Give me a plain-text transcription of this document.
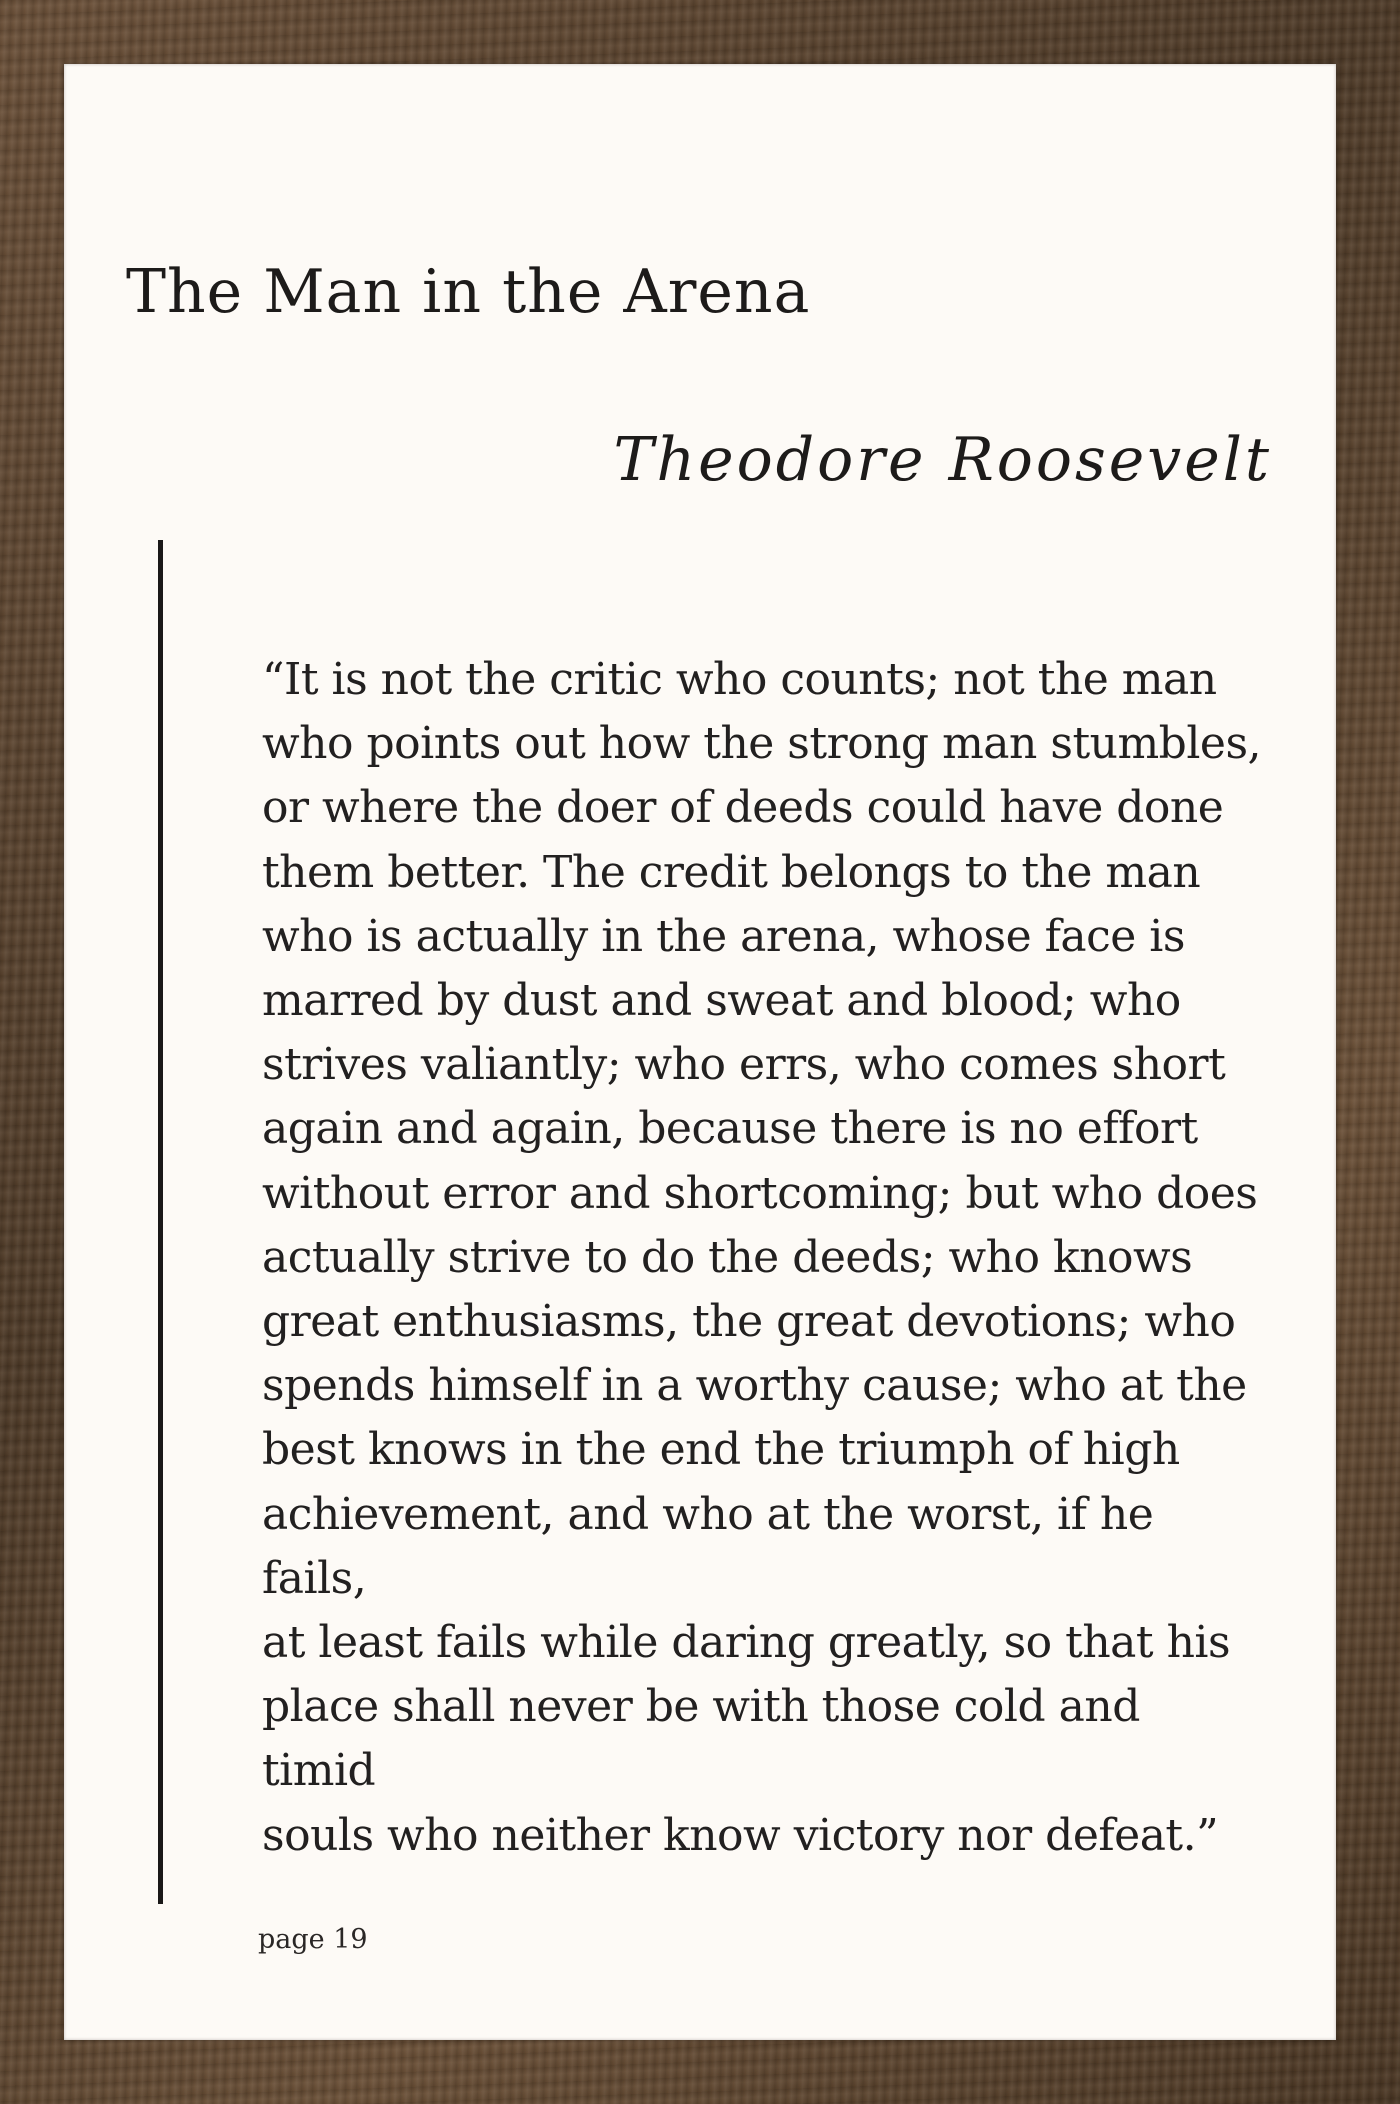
The Man in the Arena

Theodore Roosevelt

“It is not the critic who counts; not the man
who points out how the strong man stumbles,
or where the doer of deeds could have done
them better. The credit belongs to the man
who is actually in the arena, whose face is
marred by dust and sweat and blood; who
strives valiantly; who errs, who comes short
again and again, because there is no effort
without error and shortcoming; but who does
actually strive to do the deeds; who knows
great enthusiasms, the great devotions; who
spends himself in a worthy cause; who at the
best knows in the end the triumph of high
achievement, and who at the worst, if he fails,
at least fails while daring greatly, so that his
place shall never be with those cold and timid
souls who neither know victory nor defeat.”

page 19
